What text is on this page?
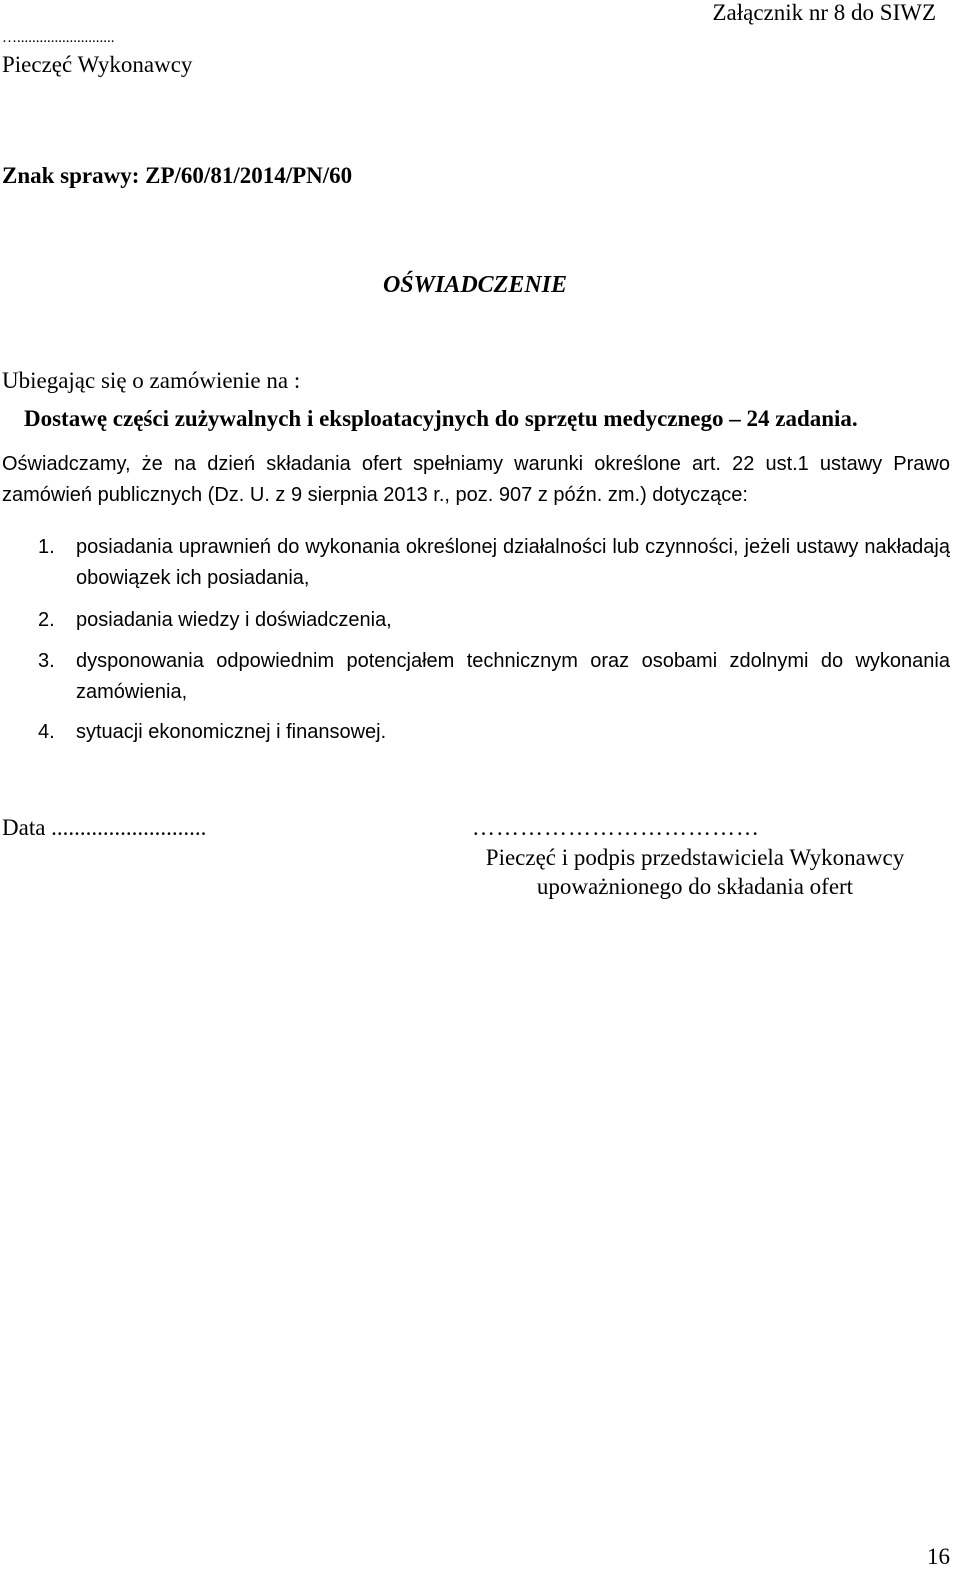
Załącznik nr 8 do SIWZ
…..........................
Pieczęć Wykonawcy
Znak sprawy: ZP/60/81/2014/PN/60
OŚWIADCZENIE
Ubiegając się o zamówienie na :
Dostawę części zużywalnych i eksploatacyjnych do sprzętu medycznego – 24 zadania.
Oświadczamy, że na dzień składania ofert spełniamy warunki określone art. 22 ust.1 ustawy Prawo zamówień publicznych (Dz. U. z 9 sierpnia 2013 r., poz. 907 z późn. zm.) dotyczące:
1. posiadania uprawnień do wykonania określonej działalności lub czynności, jeżeli ustawy nakładają obowiązek ich posiadania,
2. posiadania wiedzy i doświadczenia,
3. dysponowania odpowiednim potencjałem technicznym oraz osobami zdolnymi do wykonania zamówienia,
4. sytuacji ekonomicznej i finansowej.
Data ...........................	………………………………
Pieczęć i podpis przedstawiciela Wykonawcy
upoważnionego do składania ofert
16
